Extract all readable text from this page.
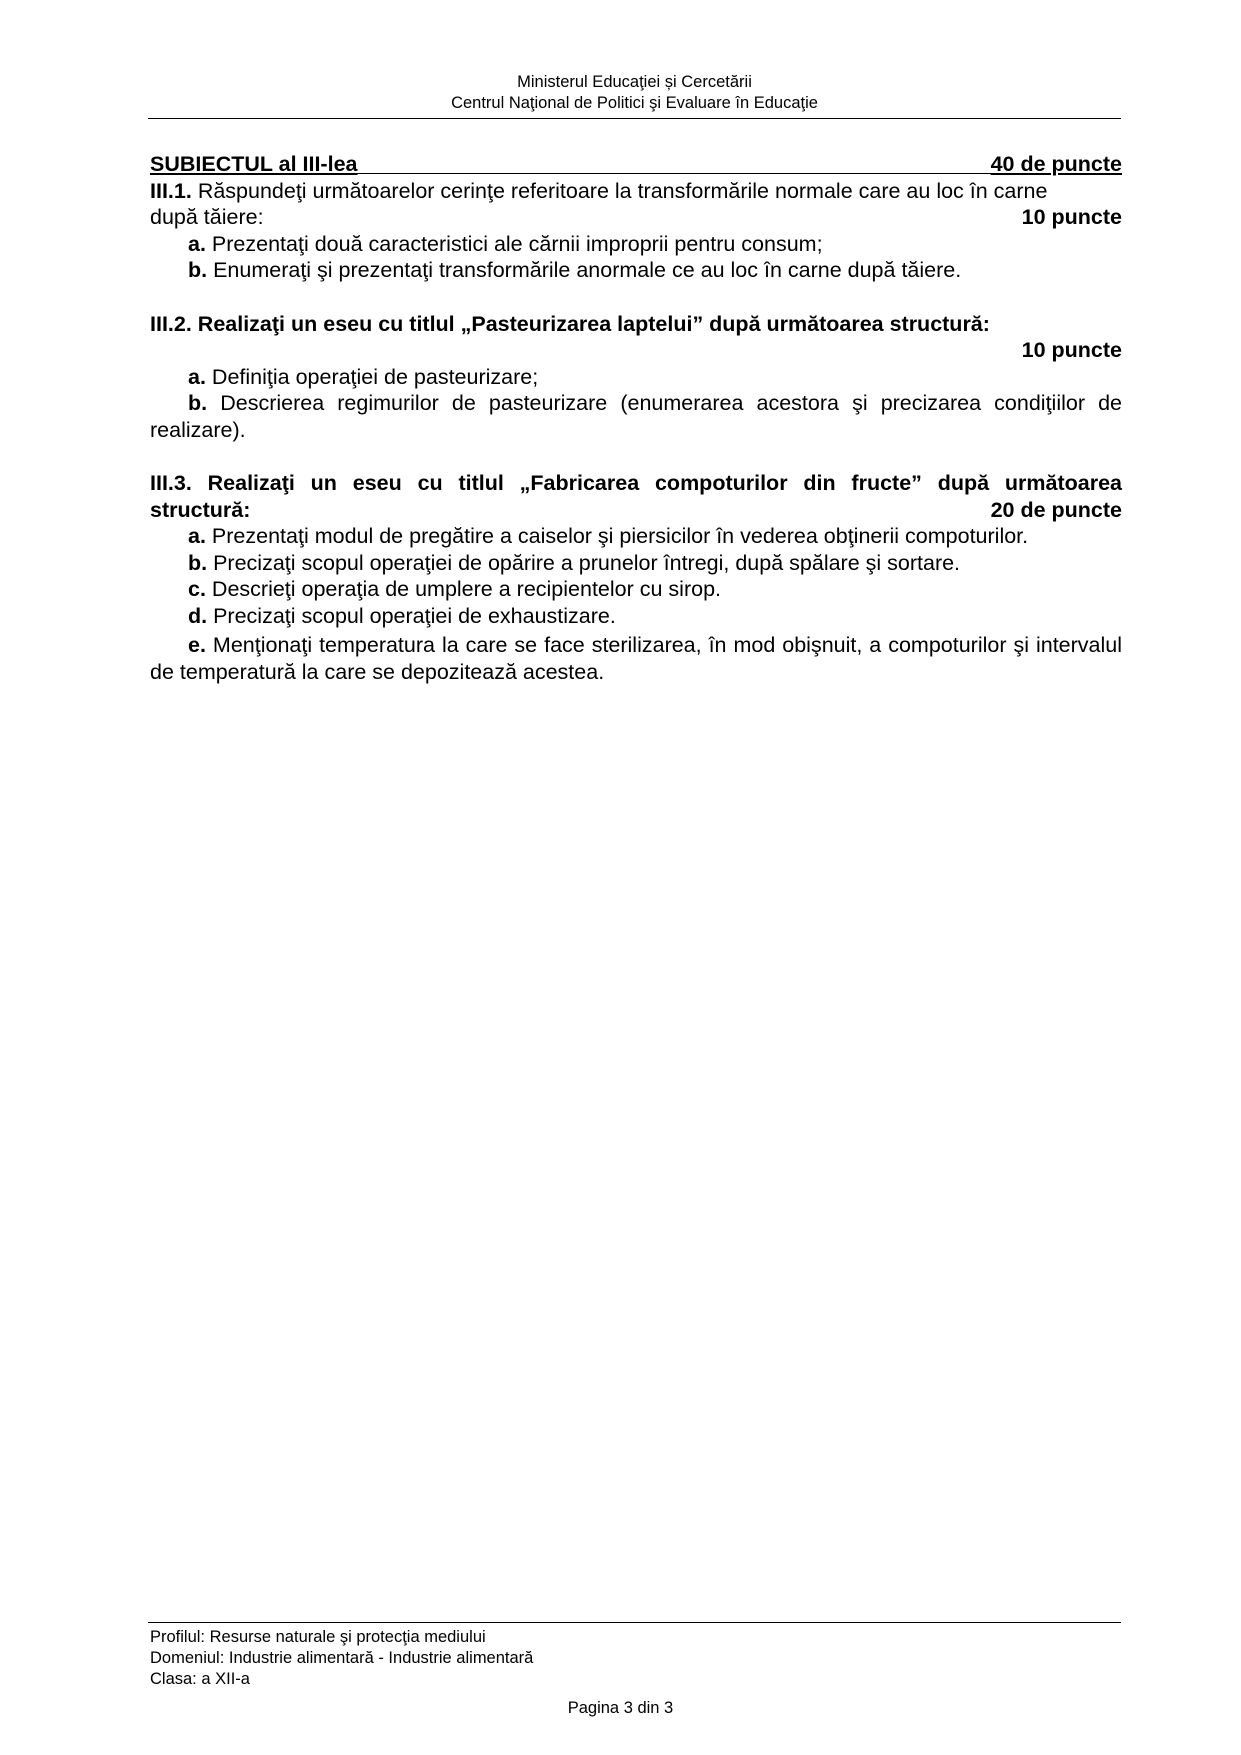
Ministerul Educaţiei și Cercetării
Centrul Naţional de Politici şi Evaluare în Educaţie
SUBIECTUL al III-lea	40 de puncte
III.1. Răspundeţi următoarelor cerinţe referitoare la transformările normale care au loc în carne
după tăiere:	10 puncte
a. Prezentaţi două caracteristici ale cărnii improprii pentru consum;
b. Enumeraţi şi prezentaţi transformările anormale ce au loc în carne după tăiere.
III.2. Realizaţi un eseu cu titlul „Pasteurizarea laptelui” după următoarea structură:
10 puncte
a. Definiţia operaţiei de pasteurizare;
b. Descrierea regimurilor de pasteurizare (enumerarea acestora şi precizarea condiţiilor de realizare).
III.3. Realizaţi un eseu cu titlul „Fabricarea compoturilor din fructe” după următoarea
structură:	20 de puncte
a. Prezentaţi modul de pregătire a caiselor şi piersicilor în vederea obţinerii compoturilor.
b. Precizaţi scopul operaţiei de opărire a prunelor întregi, după spălare şi sortare.
c. Descrieţi operaţia de umplere a recipientelor cu sirop.
d. Precizaţi scopul operaţiei de exhaustizare.
e. Menţionaţi temperatura la care se face sterilizarea, în mod obişnuit, a compoturilor şi intervalul de temperatură la care se depozitează acestea.
Profilul: Resurse naturale şi protecţia mediului
Domeniul: Industrie alimentară - Industrie alimentară
Clasa: a XII-a
Pagina 3 din 3
